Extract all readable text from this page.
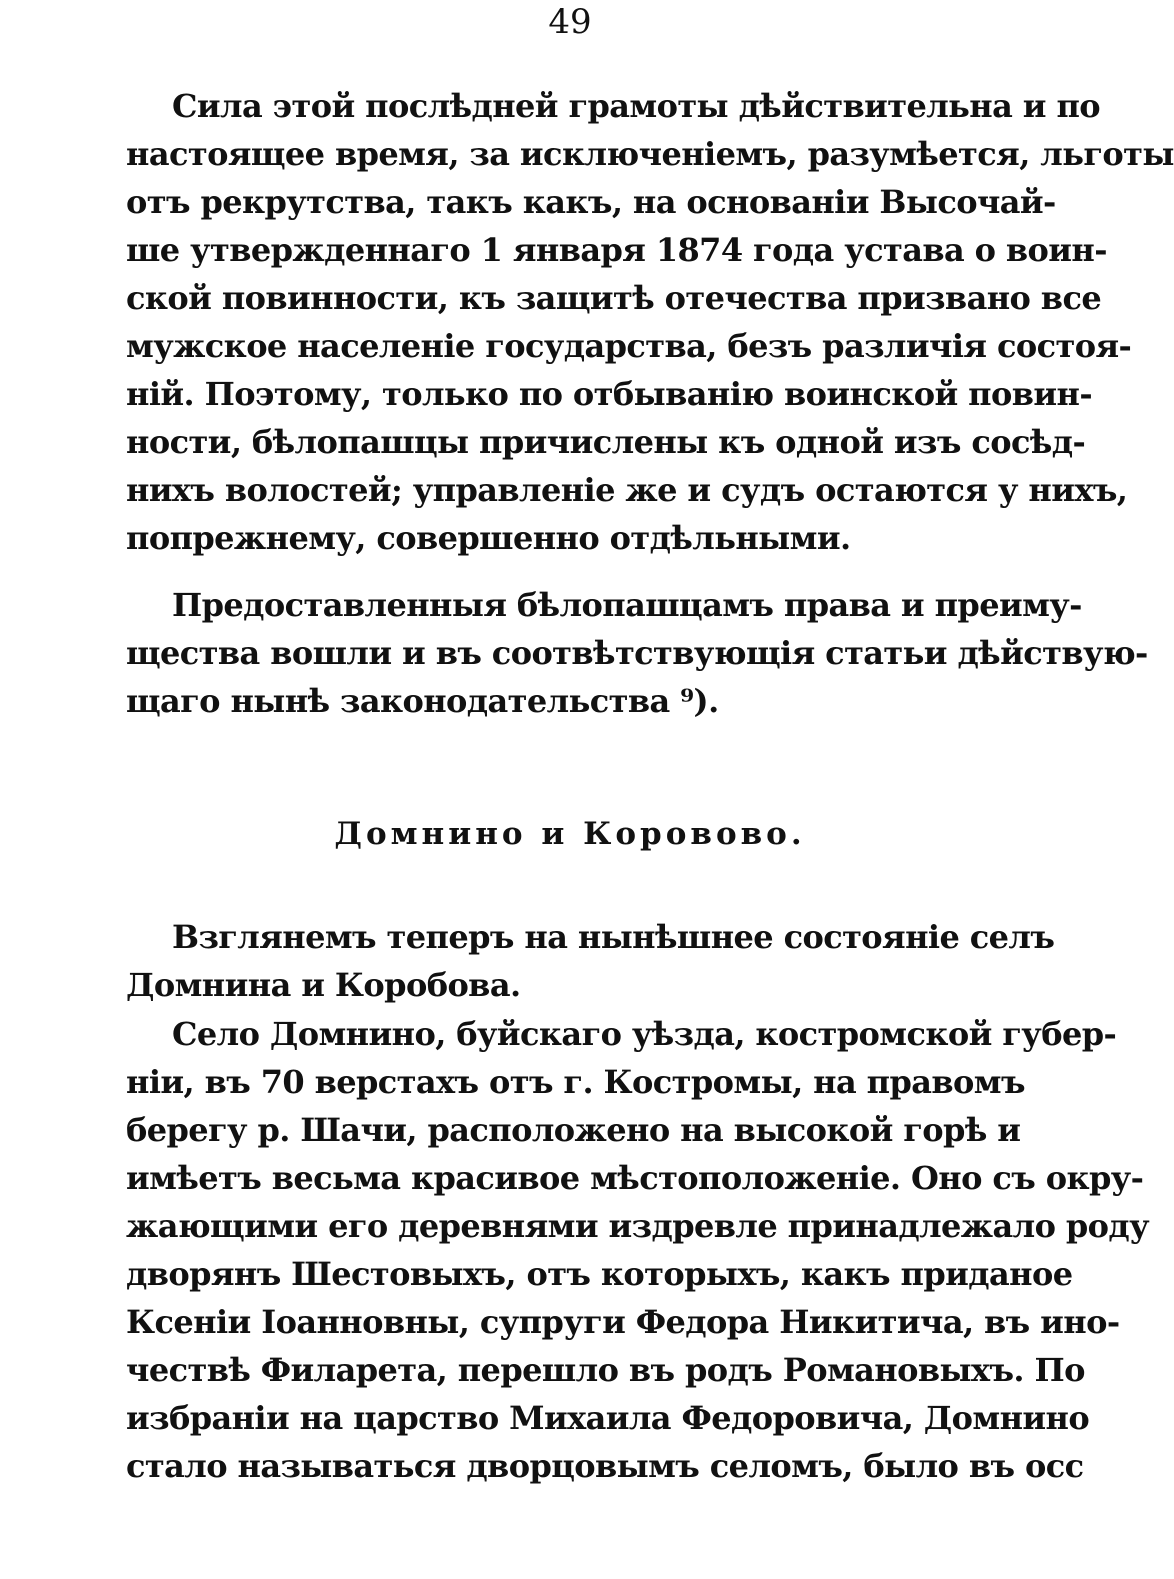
49

Сила этой послѣдней грамоты дѣйствительна и по
настоящее время, за исключеніемъ, разумѣется, льготы
отъ рекрутства, такъ какъ, на основаніи Высочай-
ше утвержденнаго 1 января 1874 года устава о воин-
ской повинности, къ защитѣ отечества призвано все
мужское населеніе государства, безъ различія состоя-
ній. Поэтому, только по отбыванію воинской повин-
ности, бѣлопашцы причислены къ одной изъ сосѣд-
нихъ волостей; управленіе же и судъ остаются у нихъ,
попрежнему, совершенно отдѣльными.

Предоставленныя бѣлопашцамъ права и преиму-
щества вошли и въ соотвѣтствующія статьи дѣйствую-
щаго нынѣ законодательства ⁹).

Домнино и Коровово.

Взглянемъ теперъ на нынѣшнее состояніе селъ
Домнина и Коробова.

Село Домнино, буйскаго уѣзда, костромской губер-
ніи, въ 70 верстахъ отъ г. Костромы, на правомъ
берегу р. Шачи, расположено на высокой горѣ и
имѣетъ весьма красивое мѣстоположеніе. Оно съ окру-
жающими его деревнями издревле принадлежало роду
дворянъ Шестовыхъ, отъ которыхъ, какъ приданое
Ксеніи Іоанновны, супруги Федора Никитича, въ ино-
чествѣ Филарета, перешло въ родъ Романовыхъ. По
избраніи на царство Михаила Федоровича, Домнино
стало называться дворцовымъ селомъ, было въ осс
